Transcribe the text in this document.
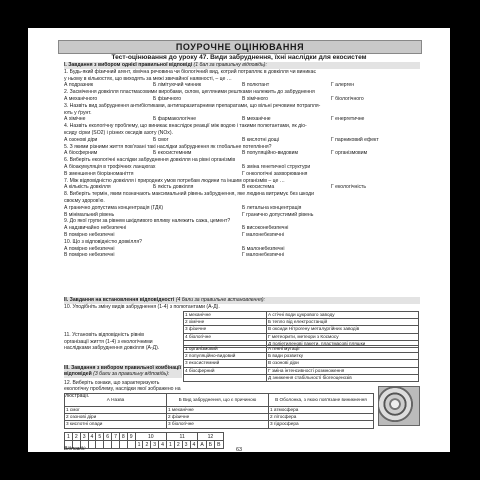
ПОУРОЧНЕ ОЦІНЮВАННЯ
Тест-оцінювання до уроку 47. Види забруднення, їхні наслідки для екосистем
I. Завдання з вибором однієї правильної відповіді (1 бал за правильну відповідь):
1. Будь-який фізичний агент, хімічна речовина чи біологічний вид, котрий потрапляє в довкілля чи виникає
у ньому в кількостях, що виходять за межі звичайної наявності, – це …
А подразник	Б лімітуючий чинник	В полютант	Г алерген
2. Засмічення довкілля пластмасовими виробами, склом, цегляними рештками належить до забруднення
А механічного	Б фізичного	В хімічного	Г біологічного
3. Назвіть вид забруднення антибіотиками, антипаразитарними препаратами, що вільні речовини потрапля-
ють у ґрунт.
А хімічне	Б фармакологічне	В механічне	Г енергетичне
4. Назвіть екологічну проблему, що виникає внаслідок реакції між водою і такими полютантами, як діо-
ксиду сірки (SO2) і різних оксидів азоту (NOx).
А озонові діри	Б смог	В кислотні дощі	Г парниковий ефект
5. З якими різними життя пов'язані такі наслідки забруднення як глобальне потепління?
А біосферним	Б екосистемним	В популяційно-видовим	Г організмовим
6. Виберіть екологічні наслідки забруднення довкілля на рівні організмів
А біоакумуляція в трофічних ланцюгах	Б зміна генетичної структури
В зменшення біорізноманіття	Г онкологічні захворювання
7. Між відповідністю довкілля і природних умов потребам людини та іншим організмів – це …
А кількість довкілля	Б якість довкілля	В екосистема	Г екологічність
8. Виберіть термін, яким позначають максимальний рівень забруднення, яке людина витримує без шкоди
своєму здоров'ю.
А гранично допустима концентрація (ГДК)	Б летальна концентрація
В мінімальний рівень	Г гранично допустимий рівень
9. До якої групи за рівнем шкідливого впливу належить сажа, цемент?
А надзвичайно небезпечні	Б високонебезпечні
В помірно небезпечні	Г малонебезпечні
10. Що з відповідністю довкілля?
А помірно небезпечні	Б малонебезпечні
В помірно небезпечні	Г малонебезпечні
II. Завдання на встановлення відповідності (4 бали за правильне встановлення):
10. Уподібніть зміну видів забруднення (1-4) з полютантами (А-Д).
11. Установіть відповідність рівнів організації життя (1-4) з екологічними наслідками забруднення довкілля (А-Д).
1 механічне	А стічні води цукрового заводу
2 хімічне	Б тепло від електростанцій
3 фізичне	В оксиди Нітрогену металургійних заводів
4 біологічне	Г метеорити, метеори з Космосу
	Д поліетиленові пакети, пластмасові пляшки
1 організмовий	А генні мутації
2 популяційно-видовий	Б вади розвитку
3 екосистемний	В озонові діри
4 біосферний	Г зміна інтенсивності розмноження
	Д зниження стабільності біогеоценозів
III. Завдання з вибором правильної комбінації відповідей (3 бали за правильну відповідь):
12. Виберіть ознаки, що характеризують екологічну проблему, наслідки якої зображено на ілюстрації.
А Назва	Б Вид забруднення, що є причиною	В Оболонка, з якою пов'язане виникнення
1 смог	1 механічне	1 атмосфера
2 озонові діри	2 фізичне	2 літосфера
3 кислотні опади	3 біологічне	3 гідросфера
1	2	3	4	5	6	7	8	9	10				11				12		
									1	2	3	4	1	2	3	4	А	Б	В
Відповіді:	63
